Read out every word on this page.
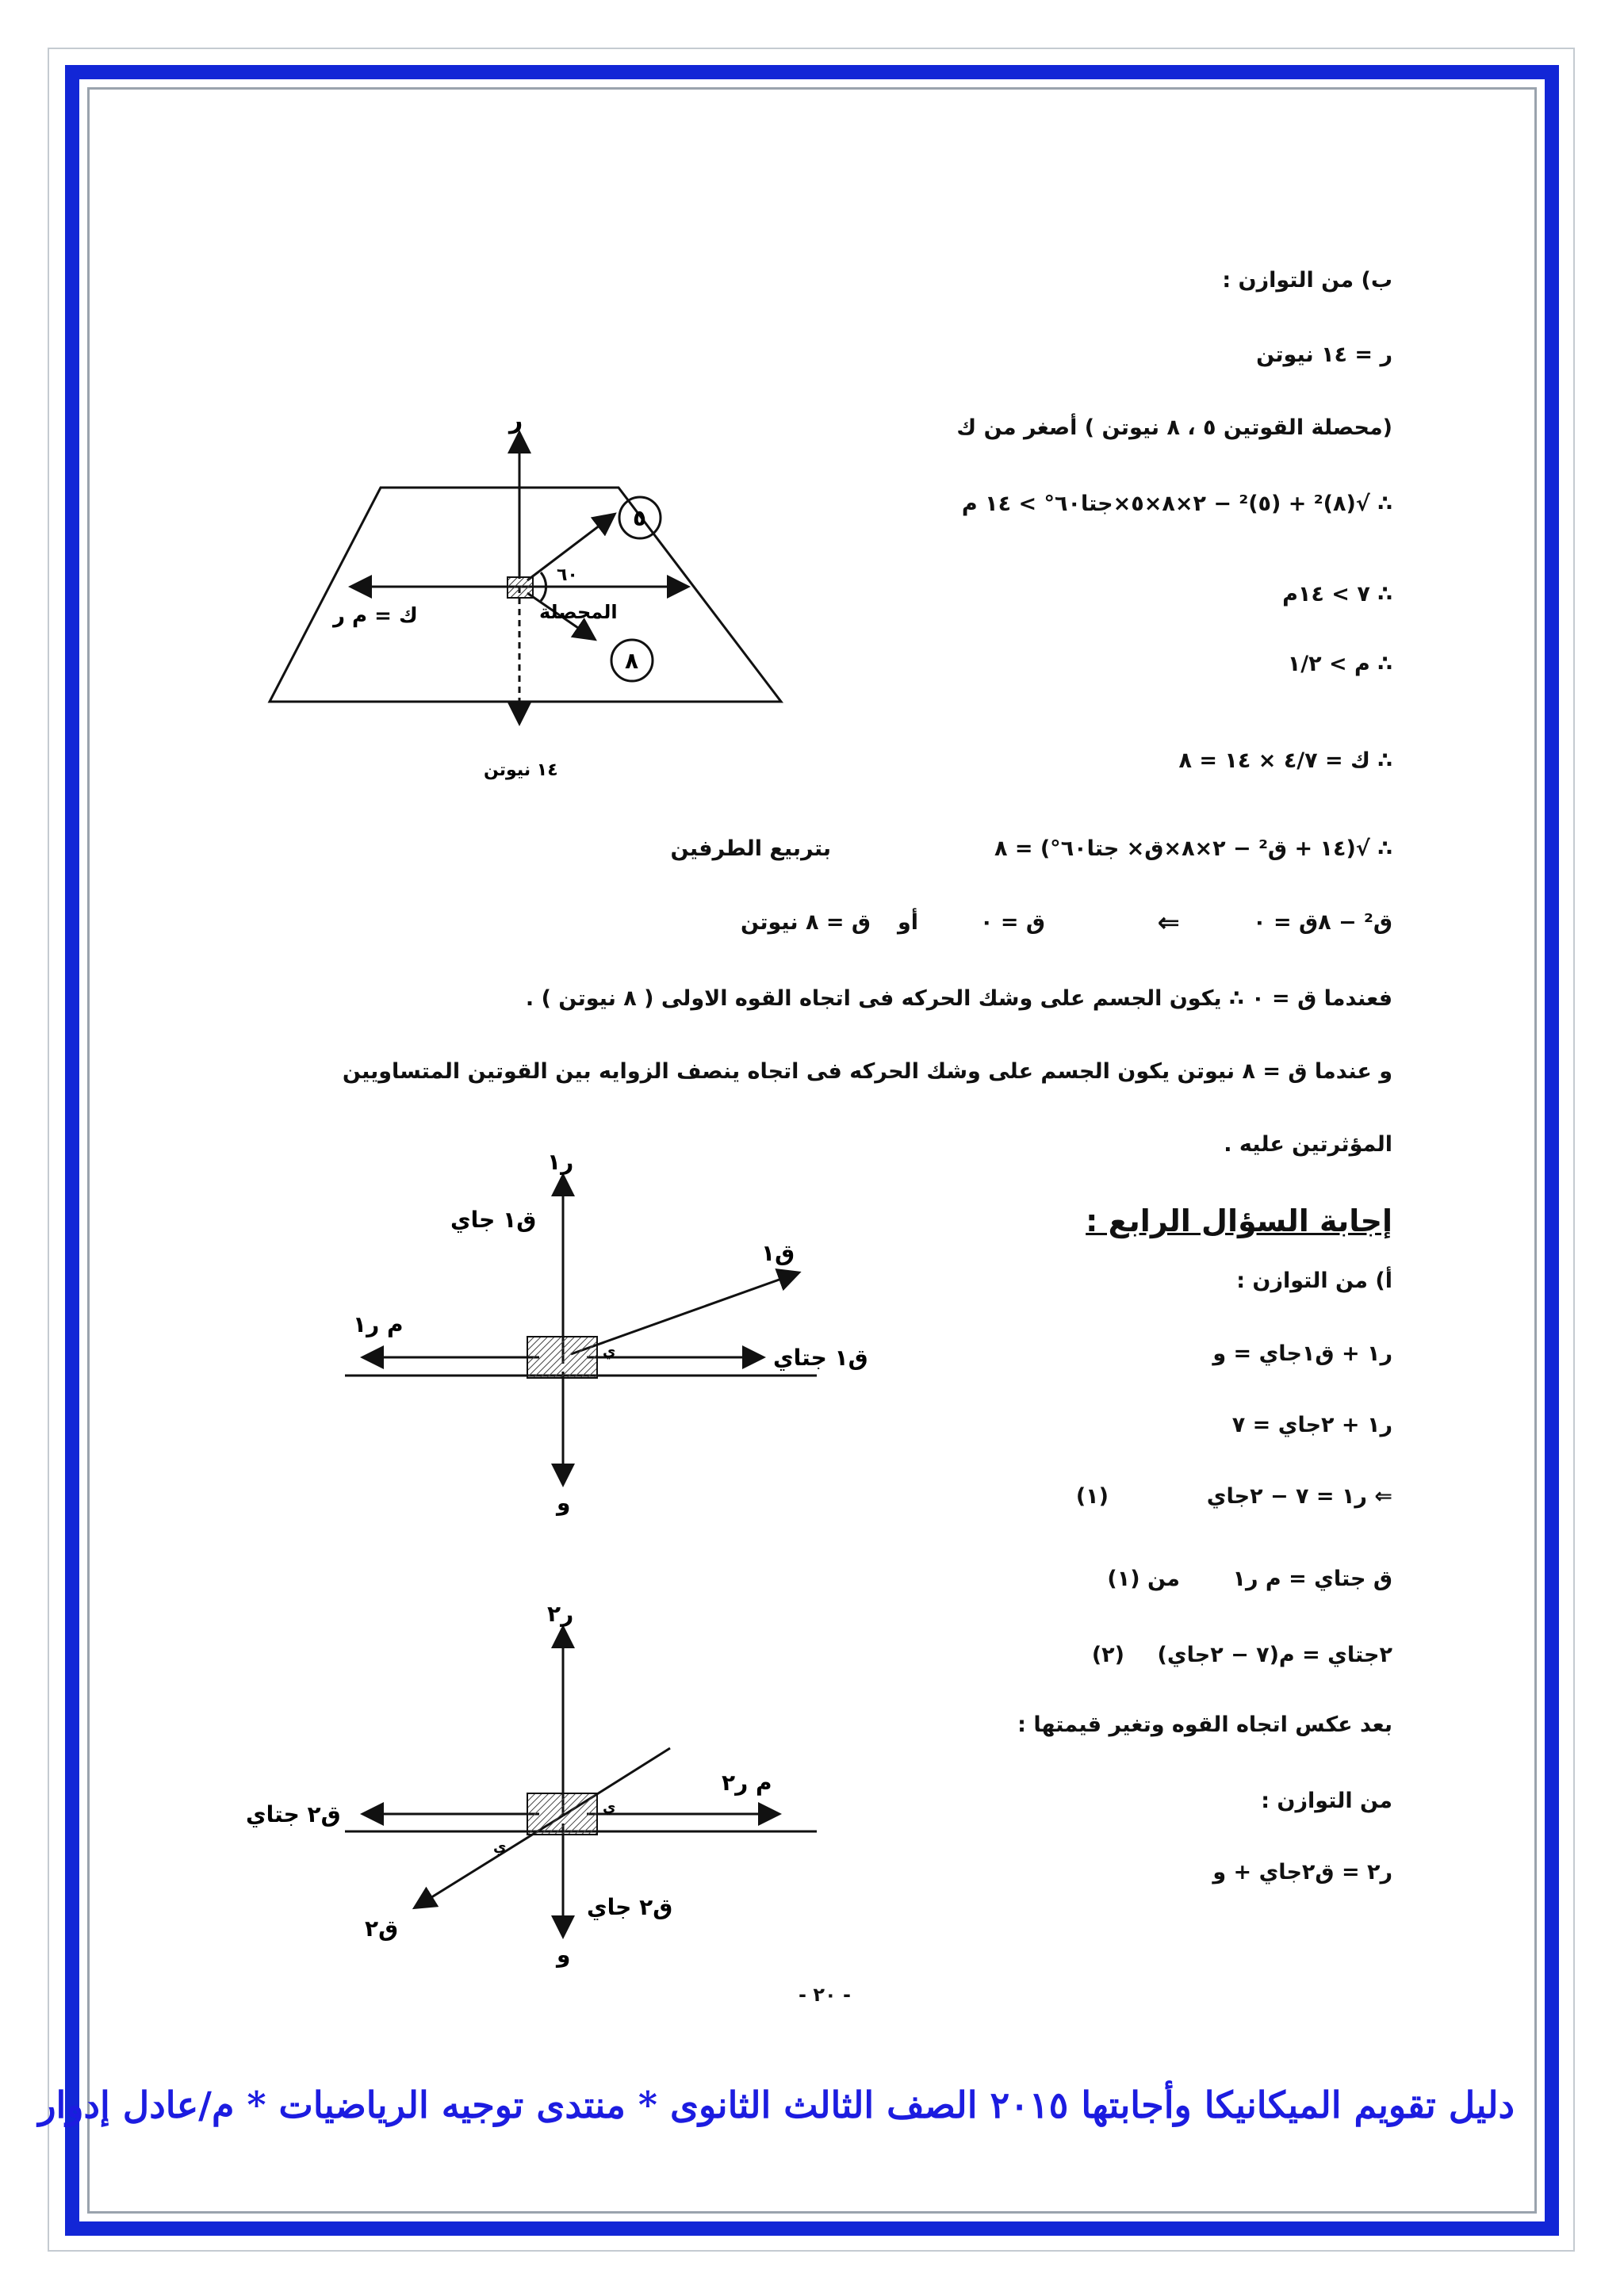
ب) من التوازن :
ر = ١٤ نيوتن
(محصلة القوتين ٥ ، ٨ نيوتن ) أصغر من ك
∴ √(٨)² + (٥)² − ٢×٨×٥×جتا٦٠° > ١٤ م
∴ ٧ > ١٤م
∴ م > ١/٢
∴ ك = ٤/٧ × ١٤ = ٨
∴ √(١٤ + ق² − ٢×٨×ق× جتا٦٠°) = ٨
بتربيع الطرفين
ق² − ٨ق = ٠
⇐
ق = ٠
أو
ق = ٨ نيوتن
فعندما ق = ٠ ∴ يكون الجسم على وشك الحركه فى اتجاه القوه الاولى ( ٨ نيوتن ) .
و عندما ق = ٨ نيوتن يكون الجسم على وشك الحركه فى اتجاه ينصف الزوايه بين القوتين المتساويين
المؤثرتين عليه .
إجابة السؤال الرابع :
أ) من التوازن :
ر١ + ق١جاي = و
ر١ + ٢جاي = ٧
⇐ ر١ = ٧ − ٢جاي
(١)
ق جتاي = م ر١
من (١)
٢جتاي = م(٧ − ٢جاي)
(٢)
بعد عكس اتجاه القوه وتغير قيمتها :
من التوازن :
ر٢ = ق٢جاي + و
ر
ك = م ر	المحصلة
٦٠
٥
٨
١٤ نيوتن
ر١
ق١ جاي
ق١
ق١ جتاي
م ر١
ي
و
ر٢
ق٢ جتاي
م ر٢
ي
ي
ق٢ جاي
ق٢
و
- ٢٠ -
دليل تقويم الميكانيكا وأجابتها ٢٠١٥ الصف الثالث الثانوى * منتدى توجيه الرياضيات * م/عادل إدوار
